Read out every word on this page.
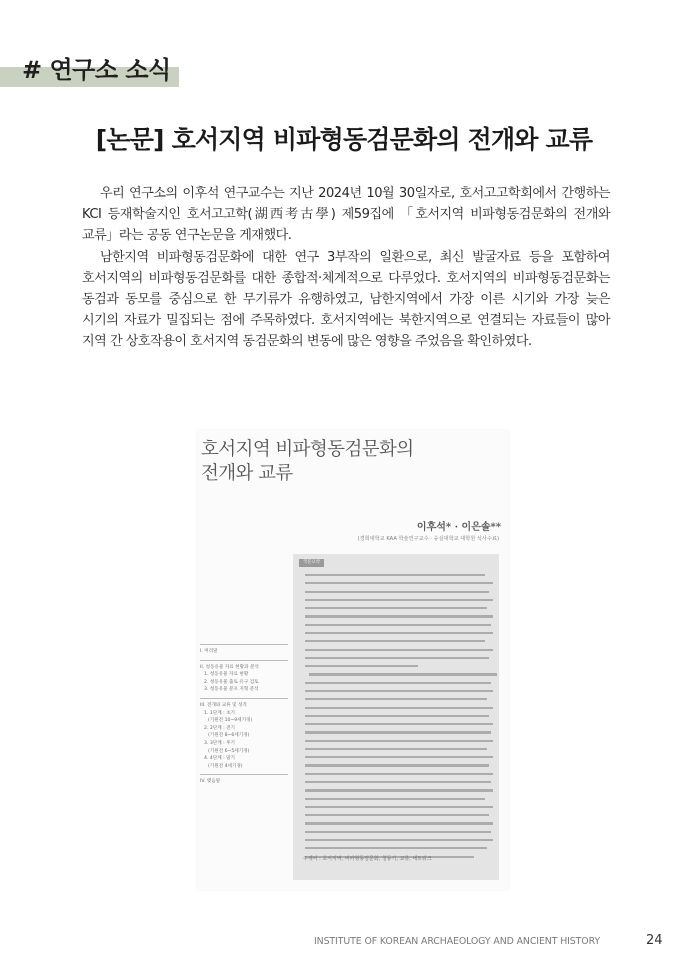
# 연구소 소식
[논문] 호서지역 비파형동검문화의 전개와 교류

우리 연구소의 이후석 연구교수는 지난 2024년 10월 30일자로, 호서고고학회에서 간행하는 KCI 등재학술지인 호서고고학(湖西考古學) 제59집에 「호서지역 비파형동검문화의 전개와 교류」라는 공동 연구논문을 게재했다.

남한지역 비파형동검문화에 대한 연구 3부작의 일환으로, 최신 발굴자료 등을 포함하여 호서지역의 비파형동검문화를 대한 종합적·체계적으로 다루었다. 호서지역의 비파형동검문화는 동검과 동모를 중심으로 한 무기류가 유행하였고, 남한지역에서 가장 이른 시기와 가장 늦은 시기의 자료가 밀집되는 점에 주목하였다. 호서지역에는 북한지역으로 연결되는 자료들이 많아 지역 간 상호작용이 호서지역 동검문화의 변동에 많은 영향을 주었음을 확인하였다.

호서지역 비파형동검문화의
전개와 교류
이후석* · 이은솔**
(경희대학교 KAA 학술연구교수 · 숭실대학교 대학원 석사수료)
I. 머리말
II. 청동유물 자료 현황과 분석
1. 청동유물 자료 현황
2. 청동유물 출토 유구 검토
3. 청동유물 분포 지형 분석
III. 전개와 교류 및 성격
1. 1단계 : 초기
(기원전 10~9세기경)
2. 2단계 : 전기
(기원전 8~6세기경)
3. 3단계 : 후기
(기원전 6~5세기경)
4. 4단계 : 말기
(기원전 4세기경)
IV. 맺음말
국문요약
주제어 : 호서지역, 비파형동검문화, 청동기, 교류, 네트워크
INSTITUTE OF KOREAN ARCHAEOLOGY AND ANCIENT HISTORY	24
